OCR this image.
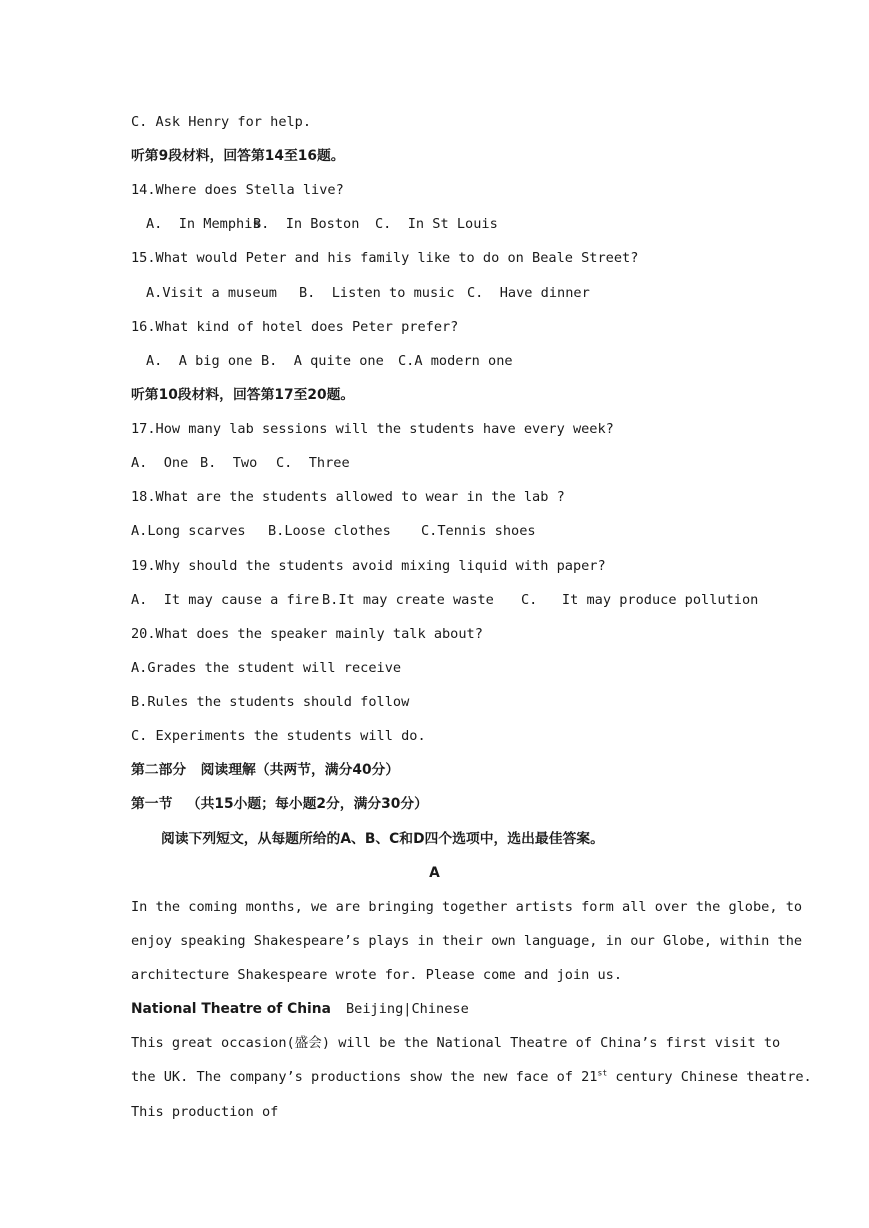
C. Ask Henry for help.
听第9段材料，回答第14至16题。
14.Where does Stella live?
A.  In MemphisB.  In Boston C.  In St Louis
15.What would Peter and his family like to do on Beale Street?
A.Visit a museum B.  Listen to music C.  Have dinner
16.What kind of hotel does Peter prefer?
A.  A big one B.  A quite one C.A modern one
听第10段材料，回答第17至20题。
17.How many lab sessions will the students have every week?
A.  One B.  Two C.  Three
18.What are the students allowed to wear in the lab ?
A.Long scarves B.Loose clothes C.Tennis shoes
19.Why should the students avoid mixing liquid with paper?
A.  It may cause a fire B.It may create waste C.   It may produce pollution
20.What does the speaker mainly talk about?
A.Grades the student will receive
B.Rules the students should follow
C. Experiments the students will do.
第二部分   阅读理解（共两节，满分40分）
第一节   （共15小题；每小题2分，满分30分）
阅读下列短文，从每题所给的A、B、C和D四个选项中，选出最佳答案。
A
In the coming months, we are bringing together artists form all over the globe, to
enjoy speaking Shakespeare’s plays in their own language, in our Globe, within the
architecture Shakespeare wrote for. Please come and join us.
National Theatre of China Beijing|Chinese
This great occasion(盛会) will be the National Theatre of China’s first visit to
the UK. The company’s productions show the new face of 21st century Chinese theatre.
This production of
